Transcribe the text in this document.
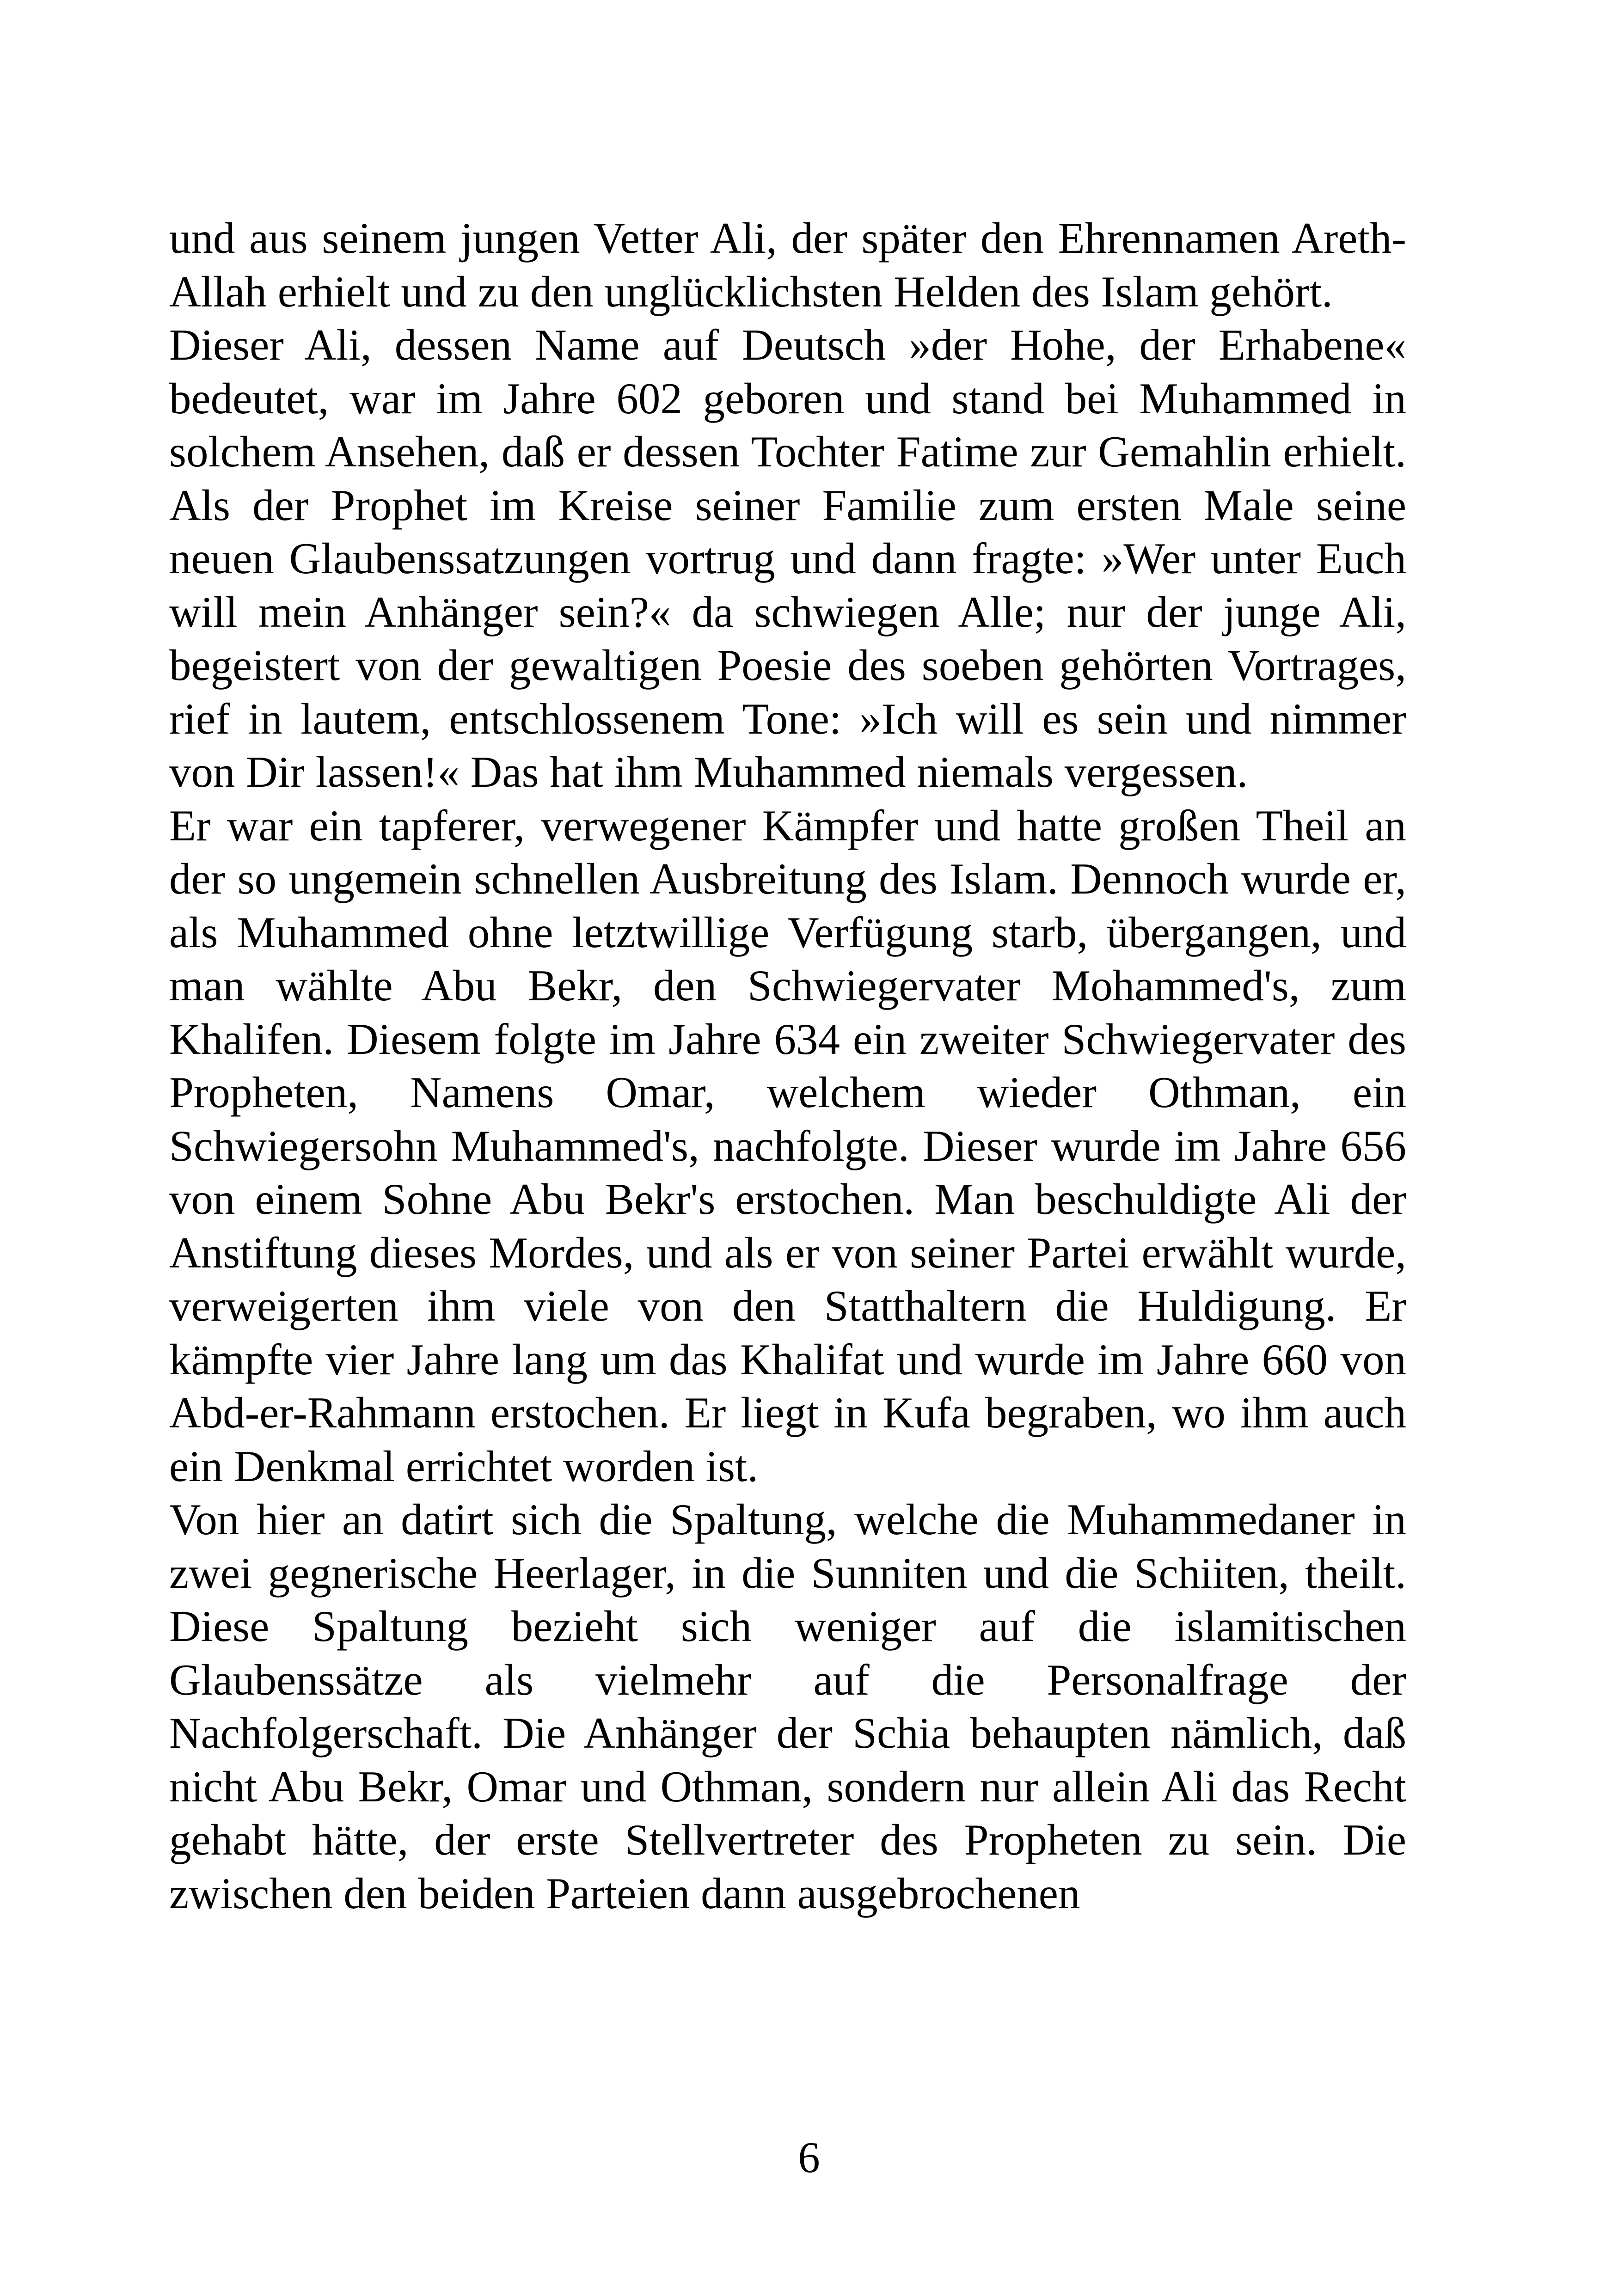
und aus seinem jungen Vetter Ali, der später den Ehrennamen Areth-Allah erhielt und zu den unglücklichsten Helden des Islam gehört.

Dieser Ali, dessen Name auf Deutsch »der Hohe, der Erhabene« bedeutet, war im Jahre 602 geboren und stand bei Muhammed in solchem Ansehen, daß er dessen Tochter Fatime zur Gemahlin erhielt. Als der Prophet im Kreise seiner Familie zum ersten Male seine neuen Glaubenssatzungen vortrug und dann fragte: »Wer unter Euch will mein Anhänger sein?« da schwiegen Alle; nur der junge Ali, begeistert von der gewaltigen Poesie des soeben gehörten Vortrages, rief in lautem, entschlossenem Tone: »Ich will es sein und nimmer von Dir lassen!« Das hat ihm Muhammed niemals vergessen.

Er war ein tapferer, verwegener Kämpfer und hatte großen Theil an der so ungemein schnellen Ausbreitung des Islam. Dennoch wurde er, als Muhammed ohne letztwillige Verfügung starb, übergangen, und man wählte Abu Bekr, den Schwiegervater Mohammed's, zum Khalifen. Diesem folgte im Jahre 634 ein zweiter Schwiegervater des Propheten, Namens Omar, welchem wieder Othman, ein Schwiegersohn Muhammed's, nachfolgte. Dieser wurde im Jahre 656 von einem Sohne Abu Bekr's erstochen. Man beschuldigte Ali der Anstiftung dieses Mordes, und als er von seiner Partei erwählt wurde, verweigerten ihm viele von den Statthaltern die Huldigung. Er kämpfte vier Jahre lang um das Khalifat und wurde im Jahre 660 von Abd-er-Rahmann erstochen. Er liegt in Kufa begraben, wo ihm auch ein Denkmal errichtet worden ist.

Von hier an datirt sich die Spaltung, welche die Muhammedaner in zwei gegnerische Heerlager, in die Sunniten und die Schiiten, theilt. Diese Spaltung bezieht sich weniger auf die islamitischen Glaubenssätze als vielmehr auf die Personalfrage der Nachfolgerschaft. Die Anhänger der Schia behaupten nämlich, daß nicht Abu Bekr, Omar und Othman, sondern nur allein Ali das Recht gehabt hätte, der erste Stellvertreter des Propheten zu sein. Die zwischen den beiden Parteien dann ausgebrochenen

6
